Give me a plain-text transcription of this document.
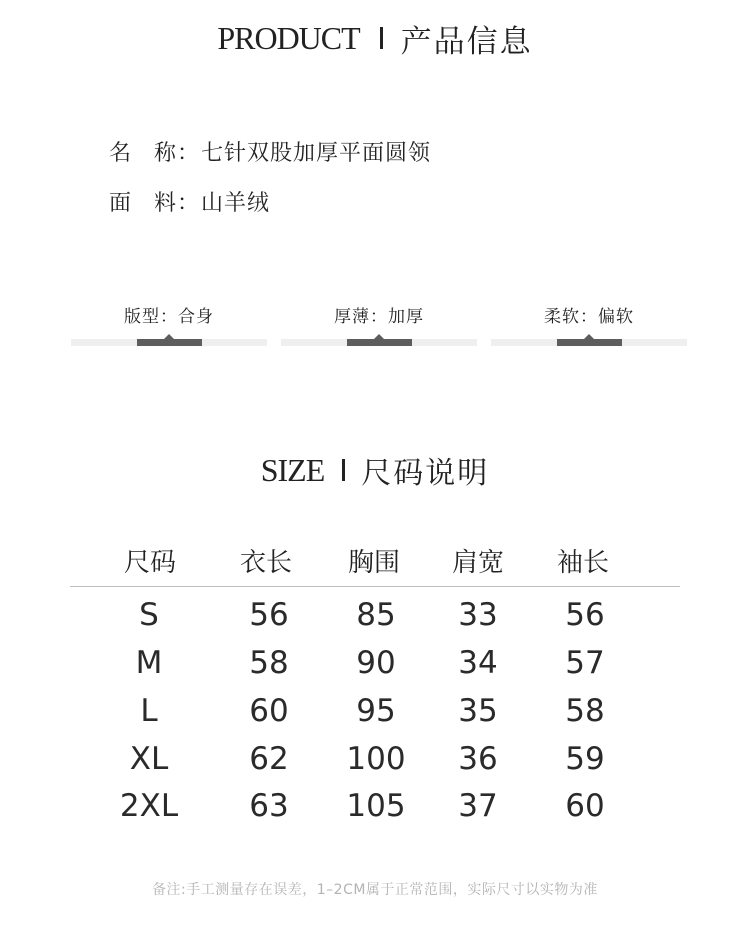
PRODUCT 产品信息
名 称：七针双股加厚平面圆领
面 料：山羊绒
版型：合身	厚薄：加厚	柔软：偏软
SIZE 尺码说明
尺码	衣长	胸围	肩宽	袖长
S	56	85	33	56
M	58	90	34	57
L	60	95	35	58
XL	62	100	36	59
2XL	63	105	37	60
备注:手工测量存在误差，1–2CM属于正常范围，实际尺寸以实物为准
